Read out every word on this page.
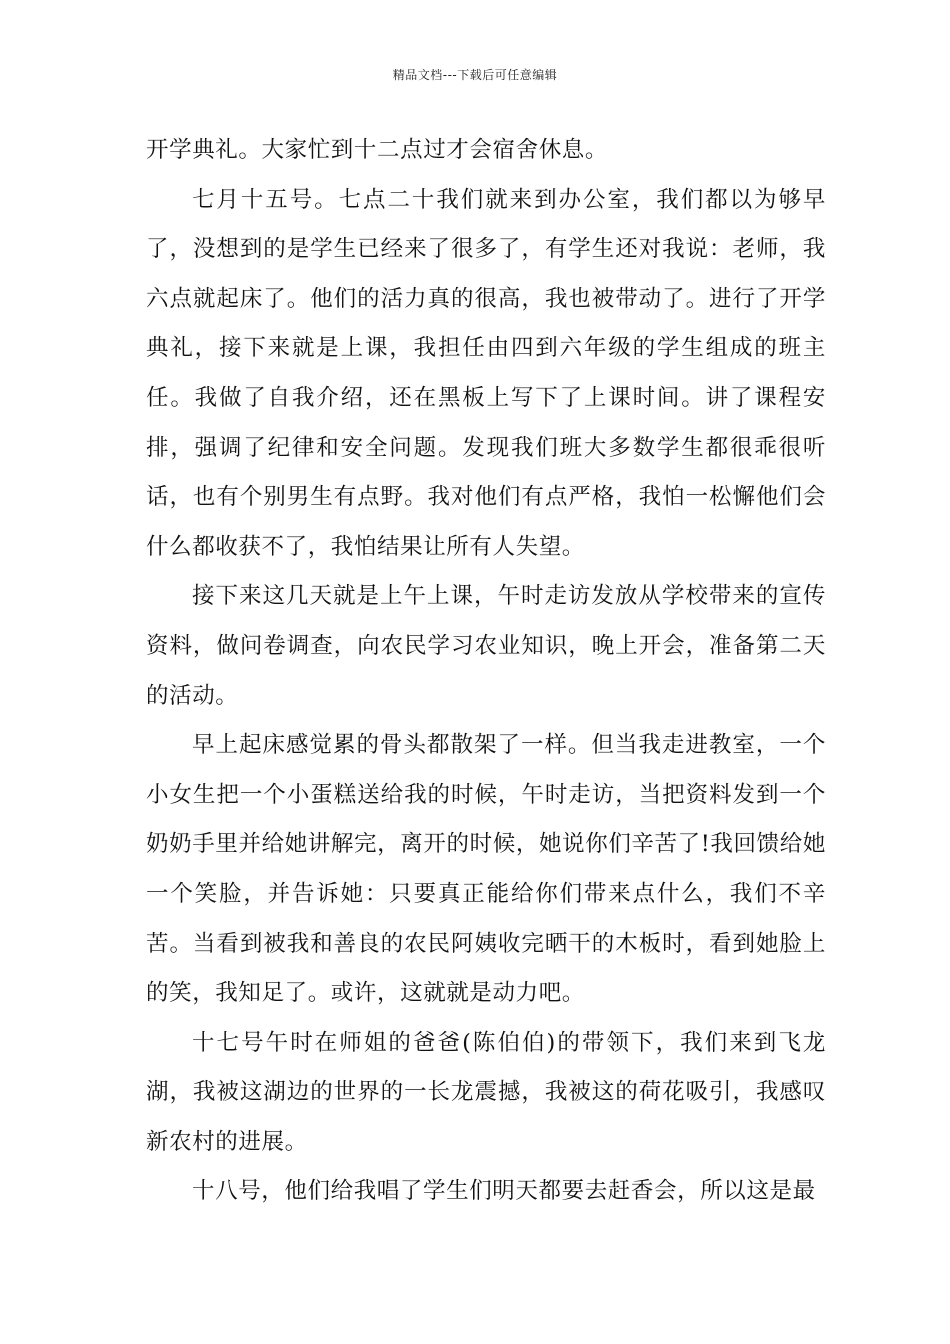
精品文档---下载后可任意编辑

开学典礼。大家忙到十二点过才会宿舍休息。

七月十五号。七点二十我们就来到办公室，我们都以为够早了，没想到的是学生已经来了很多了，有学生还对我说：老师，我六点就起床了。他们的活力真的很高，我也被带动了。进行了开学典礼，接下来就是上课，我担任由四到六年级的学生组成的班主任。我做了自我介绍，还在黑板上写下了上课时间。讲了课程安排，强调了纪律和安全问题。发现我们班大多数学生都很乖很听话，也有个别男生有点野。我对他们有点严格，我怕一松懈他们会什么都收获不了，我怕结果让所有人失望。

接下来这几天就是上午上课，午时走访发放从学校带来的宣传资料，做问卷调查，向农民学习农业知识，晚上开会，准备第二天的活动。

早上起床感觉累的骨头都散架了一样。但当我走进教室，一个小女生把一个小蛋糕送给我的时候，午时走访，当把资料发到一个奶奶手里并给她讲解完，离开的时候，她说你们辛苦了!我回馈给她一个笑脸，并告诉她：只要真正能给你们带来点什么，我们不辛苦。当看到被我和善良的农民阿姨收完晒干的木板时，看到她脸上的笑，我知足了。或许，这就就是动力吧。

十七号午时在师姐的爸爸(陈伯伯)的带领下，我们来到飞龙湖，我被这湖边的世界的一长龙震撼，我被这的荷花吸引，我感叹新农村的进展。

十八号，他们给我唱了学生们明天都要去赶香会，所以这是最
